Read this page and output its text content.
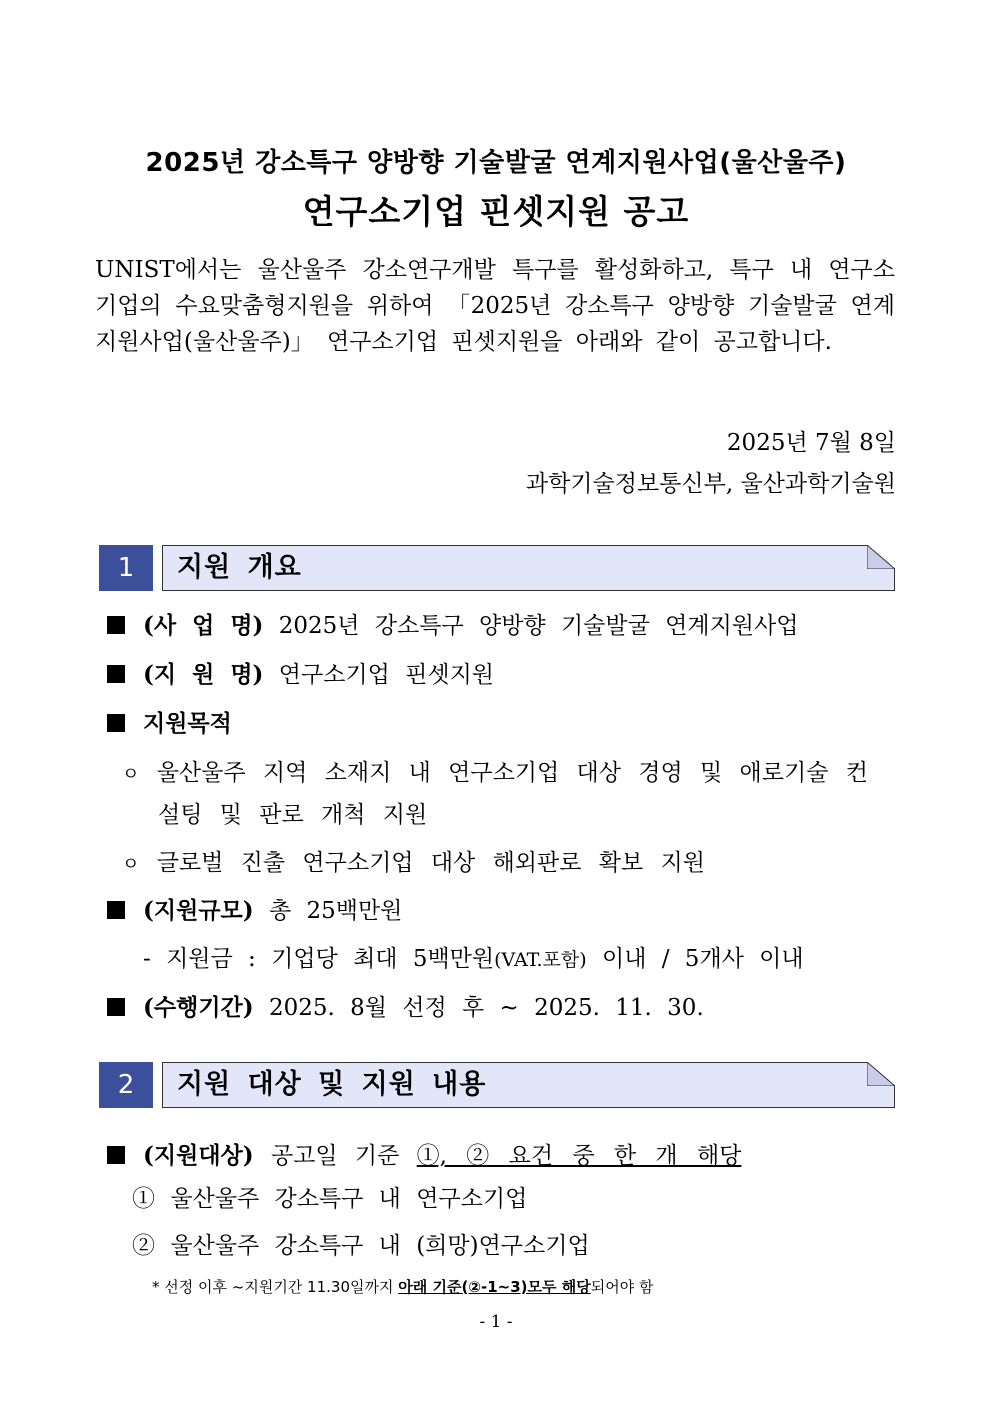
2025년 강소특구 양방향 기술발굴 연계지원사업(울산울주)
연구소기업 핀셋지원 공고
UNIST에서는 울산울주 강소연구개발 특구를 활성화하고, 특구 내 연구소기업의 수요맞춤형지원을 위하여 「2025년 강소특구 양방향 기술발굴 연계지원사업(울산울주)」 연구소기업 핀셋지원을 아래와 같이 공고합니다.
2025년 7월 8일
과학기술정보통신부, 울산과학기술원
1	지원 개요
(사 업 명) 2025년 강소특구 양방향 기술발굴 연계지원사업
(지 원 명) 연구소기업 핀셋지원
지원목적
ㅇ 울산울주 지역 소재지 내 연구소기업 대상 경영 및 애로기술 컨
설팅 및 판로 개척 지원
ㅇ 글로벌 진출 연구소기업 대상 해외판로 확보 지원
(지원규모) 총 25백만원
- 지원금 : 기업당 최대 5백만원(VAT.포함) 이내 / 5개사 이내
(수행기간) 2025. 8월 선정 후 ~ 2025. 11. 30.
2	지원 대상 및 지원 내용
(지원대상) 공고일 기준 ①, ② 요건 중 한 개 해당
① 울산울주 강소특구 내 연구소기업
② 울산울주 강소특구 내 (희망)연구소기업
* 선정 이후 ~지원기간 11.30일까지 아래 기준(②-1~3)모두 해당되어야 함
- 1 -
